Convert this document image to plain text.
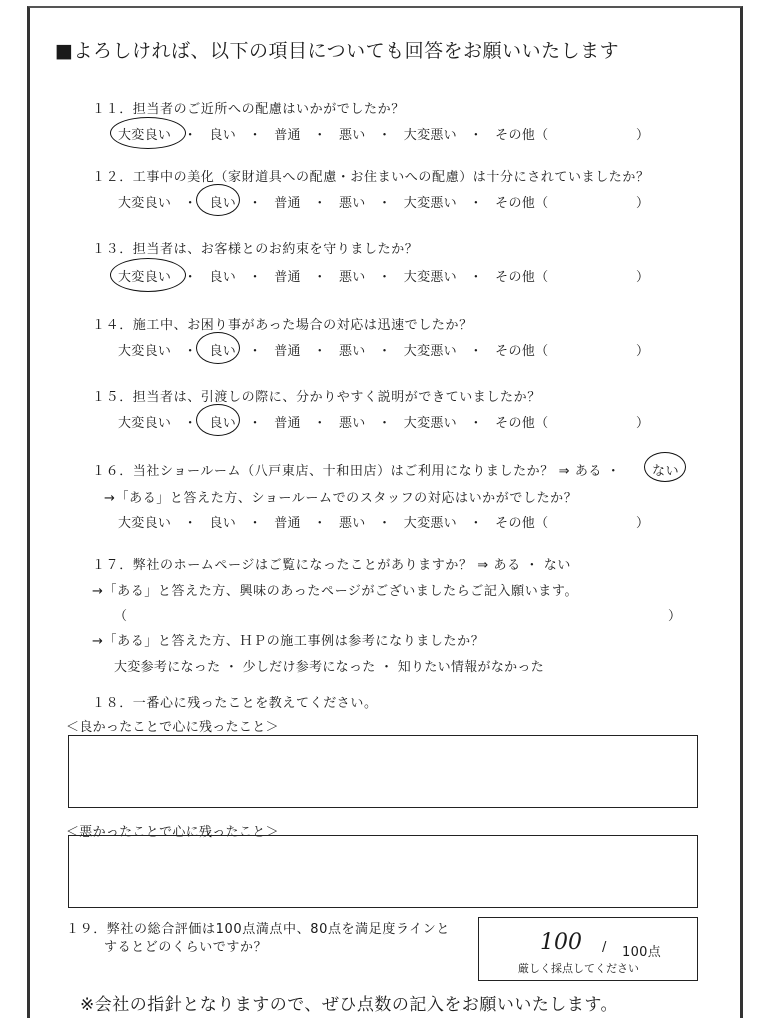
■よろしければ、以下の項目についても回答をお願いいたします
１１．担当者のご近所への配慮はいかがでしたか？
大変良い ・ 良い ・ 普通 ・ 悪い ・ 大変悪い ・ その他（	）
１２．工事中の美化（家財道具への配慮・お住まいへの配慮）は十分にされていましたか？
大変良い ・ 良い ・ 普通 ・ 悪い ・ 大変悪い ・ その他（	）
１３．担当者は、お客様とのお約束を守りましたか？
大変良い ・ 良い ・ 普通 ・ 悪い ・ 大変悪い ・ その他（	）
１４．施工中、お困り事があった場合の対応は迅速でしたか？
大変良い ・ 良い ・ 普通 ・ 悪い ・ 大変悪い ・ その他（	）
１５．担当者は、引渡しの際に、分かりやすく説明ができていましたか？
大変良い ・ 良い ・ 普通 ・ 悪い ・ 大変悪い ・ その他（	）
１６．当社ショールーム（八戸東店、十和田店）はご利用になりましたか？ ⇒ ある ・ ない
→「ある」と答えた方、ショールームでのスタッフの対応はいかがでしたか？
大変良い ・ 良い ・ 普通 ・ 悪い ・ 大変悪い ・ その他（	）
１７．弊社のホームページはご覧になったことがありますか？ ⇒ ある ・ ない
→「ある」と答えた方、興味のあったページがございましたらご記入願います。
（	）
→「ある」と答えた方、ＨＰの施工事例は参考になりましたか？
大変参考になった ・ 少しだけ参考になった ・ 知りたい情報がなかった
１８．一番心に残ったことを教えてください。
＜良かったことで心に残ったこと＞
＜悪かったことで心に残ったこと＞
１９．弊社の総合評価は100点満点中、80点を満足度ラインと
するとどのくらいですか？	100 / 100点
厳しく採点してください
※会社の指針となりますので、ぜひ点数の記入をお願いいたします。
